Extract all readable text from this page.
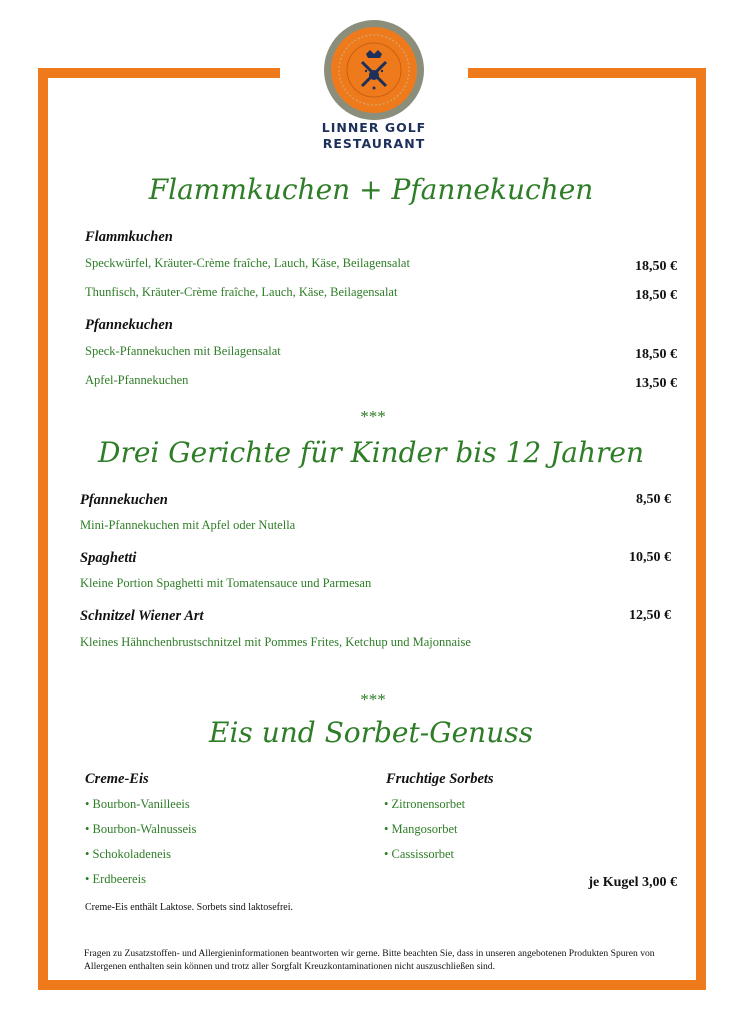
LINNER GOLF
RESTAURANT
Flammkuchen + Pfannekuchen
Flammkuchen
Speckwürfel, Kräuter-Crème fraîche, Lauch, Käse, Beilagensalat	18,50 €
Thunfisch, Kräuter-Crème fraîche, Lauch, Käse, Beilagensalat	18,50 €
Pfannekuchen
Speck-Pfannekuchen mit Beilagensalat	18,50 €
Apfel-Pfannekuchen	13,50 €
***
Drei Gerichte für Kinder bis 12 Jahren
Pfannekuchen	8,50 €
Mini-Pfannekuchen mit Apfel oder Nutella
Spaghetti	10,50 €
Kleine Portion Spaghetti mit Tomatensauce und Parmesan
Schnitzel Wiener Art	12,50 €
Kleines Hähnchenbrustschnitzel mit Pommes Frites, Ketchup und Majonnaise
***
Eis und Sorbet-Genuss
Creme-Eis
• Bourbon-Vanilleeis
• Bourbon-Walnusseis
• Schokoladeneis
• Erdbeereis
Fruchtige Sorbets
• Zitronensorbet
• Mangosorbet
• Cassissorbet
je Kugel 3,00 €
Creme-Eis enthält Laktose. Sorbets sind laktosefrei.
Fragen zu Zusatzstoffen- und Allergieninformationen beantworten wir gerne. Bitte beachten Sie, dass in unseren angebotenen Produkten Spuren von Allergenen enthalten sein können und trotz aller Sorgfalt Kreuzkontaminationen nicht auszuschließen sind.
